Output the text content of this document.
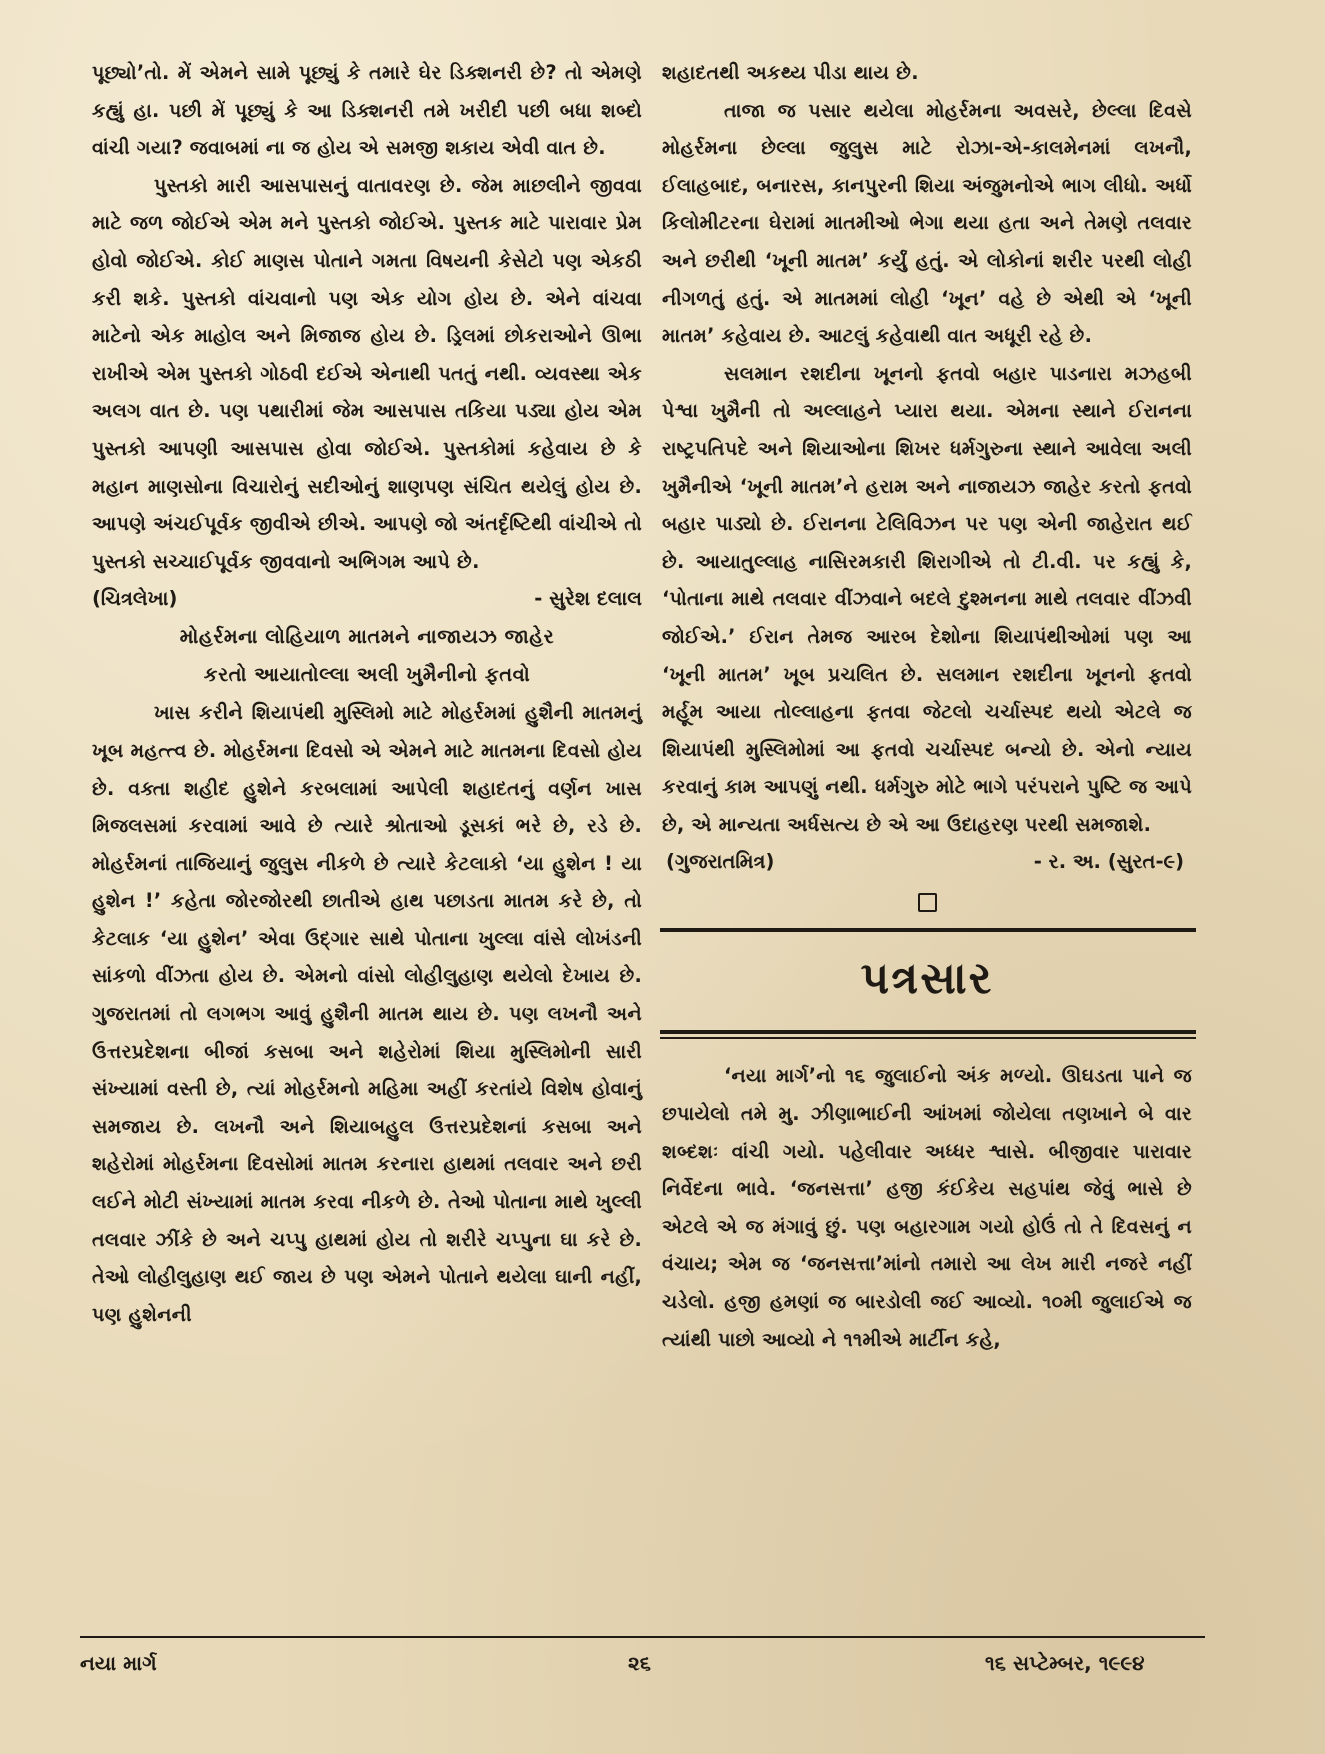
પૂછ્યો’તો. મેં એમને સામે પૂછ્યું કે તમારે ઘેર ડિક્શનરી છે? તો એમણે કહ્યું હા. પછી મેં પૂછ્યું કે આ ડિક્શનરી તમે ખરીદી પછી બધા શબ્દો વાંચી ગયા? જવાબમાં ના જ હોય એ સમજી શકાય એવી વાત છે.

પુસ્તકો મારી આસપાસનું વાતાવરણ છે. જેમ માછલીને જીવવા માટે જળ જોઈએ એમ મને પુસ્તકો જોઈએ. પુસ્તક માટે પારાવાર પ્રેમ હોવો જોઈએ. કોઈ માણસ પોતાને ગમતા વિષયની કેસેટો પણ એકઠી કરી શકે. પુસ્તકો વાંચવાનો પણ એક યોગ હોય છે. એને વાંચવા માટેનો એક માહોલ અને મિજાજ હોય છે. ડ્રિલમાં છોકરાઓને ઊભા રાખીએ એમ પુસ્તકો ગોઠવી દઈએ એનાથી પતતું નથી. વ્યવસ્થા એક અલગ વાત છે. પણ પથારીમાં જેમ આસપાસ તકિયા પડ્યા હોય એમ પુસ્તકો આપણી આસપાસ હોવા જોઈએ. પુસ્તકોમાં કહેવાય છે કે મહાન માણસોના વિચારોનું સદીઓનું શાણપણ સંચિત થયેલું હોય છે. આપણે અંચઈપૂર્વક જીવીએ છીએ. આપણે જો અંતર્દૃષ્ટિથી વાંચીએ તો પુસ્તકો સચ્ચાઈપૂર્વક જીવવાનો અભિગમ આપે છે.

(ચિત્રલેખા)	- સુરેશ દલાલ

મોહર્રમના લોહિયાળ માતમને નાજાયઝ જાહેર

કરતો આયાતોલ્લા અલી ખુમૈનીનો ફતવો

ખાસ કરીને શિયાપંથી મુસ્લિમો માટે મોહર્રમમાં હુશૈની માતમનું ખૂબ મહત્ત્વ છે. મોહર્રમના દિવસો એ એમને માટે માતમના દિવસો હોય છે. વક્તા શહીદ હુશેને કરબલામાં આપેલી શહાદતનું વર્ણન ખાસ મિજલસમાં કરવામાં આવે છે ત્યારે શ્રોતાઓ ડૂસકાં ભરે છે, રડે છે. મોહર્રમનાં તાજિયાનું જુલુસ નીકળે છે ત્યારે કેટલાકો ‘યા હુશેન ! યા હુશેન !’ કહેતા જોરજોરથી છાતીએ હાથ પછાડતા માતમ કરે છે, તો કેટલાક ‘યા હુશેન’ એવા ઉદ્‌ગાર સાથે પોતાના ખુલ્લા વાંસે લોખંડની સાંકળો વીંઝતા હોય છે. એમનો વાંસો લોહીલુહાણ થયેલો દેખાય છે. ગુજરાતમાં તો લગભગ આવું હુશૈની માતમ થાય છે. પણ લખનૌ અને ઉત્તરપ્રદેશના બીજાં કસબા અને શહેરોમાં શિયા મુસ્લિમોની સારી સંખ્યામાં વસ્તી છે, ત્યાં મોહર્રમનો મહિમા અહીં કરતાંયે વિશેષ હોવાનું સમજાય છે. લખનૌ અને શિયાબહુલ ઉત્તરપ્રદેશનાં કસબા અને શહેરોમાં મોહર્રમના દિવસોમાં માતમ કરનારા હાથમાં તલવાર અને છરી લઈને મોટી સંખ્યામાં માતમ કરવા નીકળે છે. તેઓ પોતાના માથે ખુલ્લી તલવાર ઝીંકે છે અને ચપ્પુ હાથમાં હોય તો શરીરે ચપ્પુના ઘા કરે છે. તેઓ લોહીલુહાણ થઈ જાય છે પણ એમને પોતાને થયેલા ઘાની નહીં, પણ હુશેનની

શહાદતથી અકથ્ય પીડા થાય છે.

તાજા જ પસાર થયેલા મોહર્રમના અવસરે, છેલ્લા દિવસે મોહર્રમના છેલ્લા જુલુસ માટે રોઝા-એ-કાલમેનમાં લખનૌ, ઈલાહબાદ, બનારસ, કાનપુરની શિયા અંજુમનોએ ભાગ લીધો. અર્ધો કિલોમીટરના ઘેરામાં માતમીઓ ભેગા થયા હતા અને તેમણે તલવાર અને છરીથી ‘ખૂની માતમ’ કર્યું હતું. એ લોકોનાં શરીર પરથી લોહી નીગળતું હતું. એ માતમમાં લોહી ‘ખૂન’ વહે છે એથી એ ‘ખૂની માતમ’ કહેવાય છે. આટલું કહેવાથી વાત અધૂરી રહે છે.

સલમાન રશદીના ખૂનનો ફતવો બહાર પાડનારા મઝહબી પેશ્વા ખુમૈની તો અલ્લાહને પ્યારા થયા. એમના સ્થાને ઈરાનના રાષ્ટ્રપતિપદે અને શિયાઓના શિખર ધર્મગુરુના સ્થાને આવેલા અલી ખુમૈનીએ ‘ખૂની માતમ’ને હરામ અને નાજાયઝ જાહેર કરતો ફતવો બહાર પાડ્યો છે. ઈરાનના ટેલિવિઝન પર પણ એની જાહેરાત થઈ છે. આયાતુલ્લાહ નાસિરમકારી શિરાગીએ તો ટી.વી. પર કહ્યું કે, ‘પોતાના માથે તલવાર વીંઝવાને બદલે દુશ્મનના માથે તલવાર વીંઝવી જોઈએ.’ ઈરાન તેમજ આરબ દેશોના શિયાપંથીઓમાં પણ આ ‘ખૂની માતમ’ ખૂબ પ્રચલિત છે. સલમાન રશદીના ખૂનનો ફતવો મર્હૂમ આયા તોલ્લાહના ફતવા જેટલો ચર્ચાસ્પદ થયો એટલે જ શિયાપંથી મુસ્લિમોમાં આ ફતવો ચર્ચાસ્પદ બન્યો છે. એનો ન્યાય કરવાનું કામ આપણું નથી. ધર્મગુરુ મોટે ભાગે પરંપરાને પુષ્ટિ જ આપે છે, એ માન્યતા અર્ધસત્ય છે એ આ ઉદાહરણ પરથી સમજાશે.

(ગુજરાતમિત્ર)	- ર. અ. (સુરત-૯)
પત્રસાર

‘નયા માર્ગ’નો ૧૬ જુલાઈનો અંક મળ્યો. ઊઘડતા પાને જ છપાયેલો તમે મુ. ઝીણાભાઈની આંખમાં જોયેલા તણખાને બે વાર શબ્દશઃ વાંચી ગયો. પહેલીવાર અધ્ધર શ્વાસે. બીજીવાર પારાવાર નિર્વેદના ભાવે. ‘જનસત્તા’ હજી કંઈકેય સહપાંથ જેવું ભાસે છે એટલે એ જ મંગાવું છું. પણ બહારગામ ગયો હોઉં તો તે દિવસનું ન વંચાય; એમ જ ‘જનસત્તા’માંનો તમારો આ લેખ મારી નજરે નહીં ચડેલો. હજી હમણાં જ બારડોલી જઈ આવ્યો. ૧૦મી જુલાઈએ જ ત્યાંથી પાછો આવ્યો ને ૧૧મીએ માર્ટીન કહે,

નયા માર્ગ	૨૬	૧૬ સપ્ટેમ્બર, ૧૯૯૪
